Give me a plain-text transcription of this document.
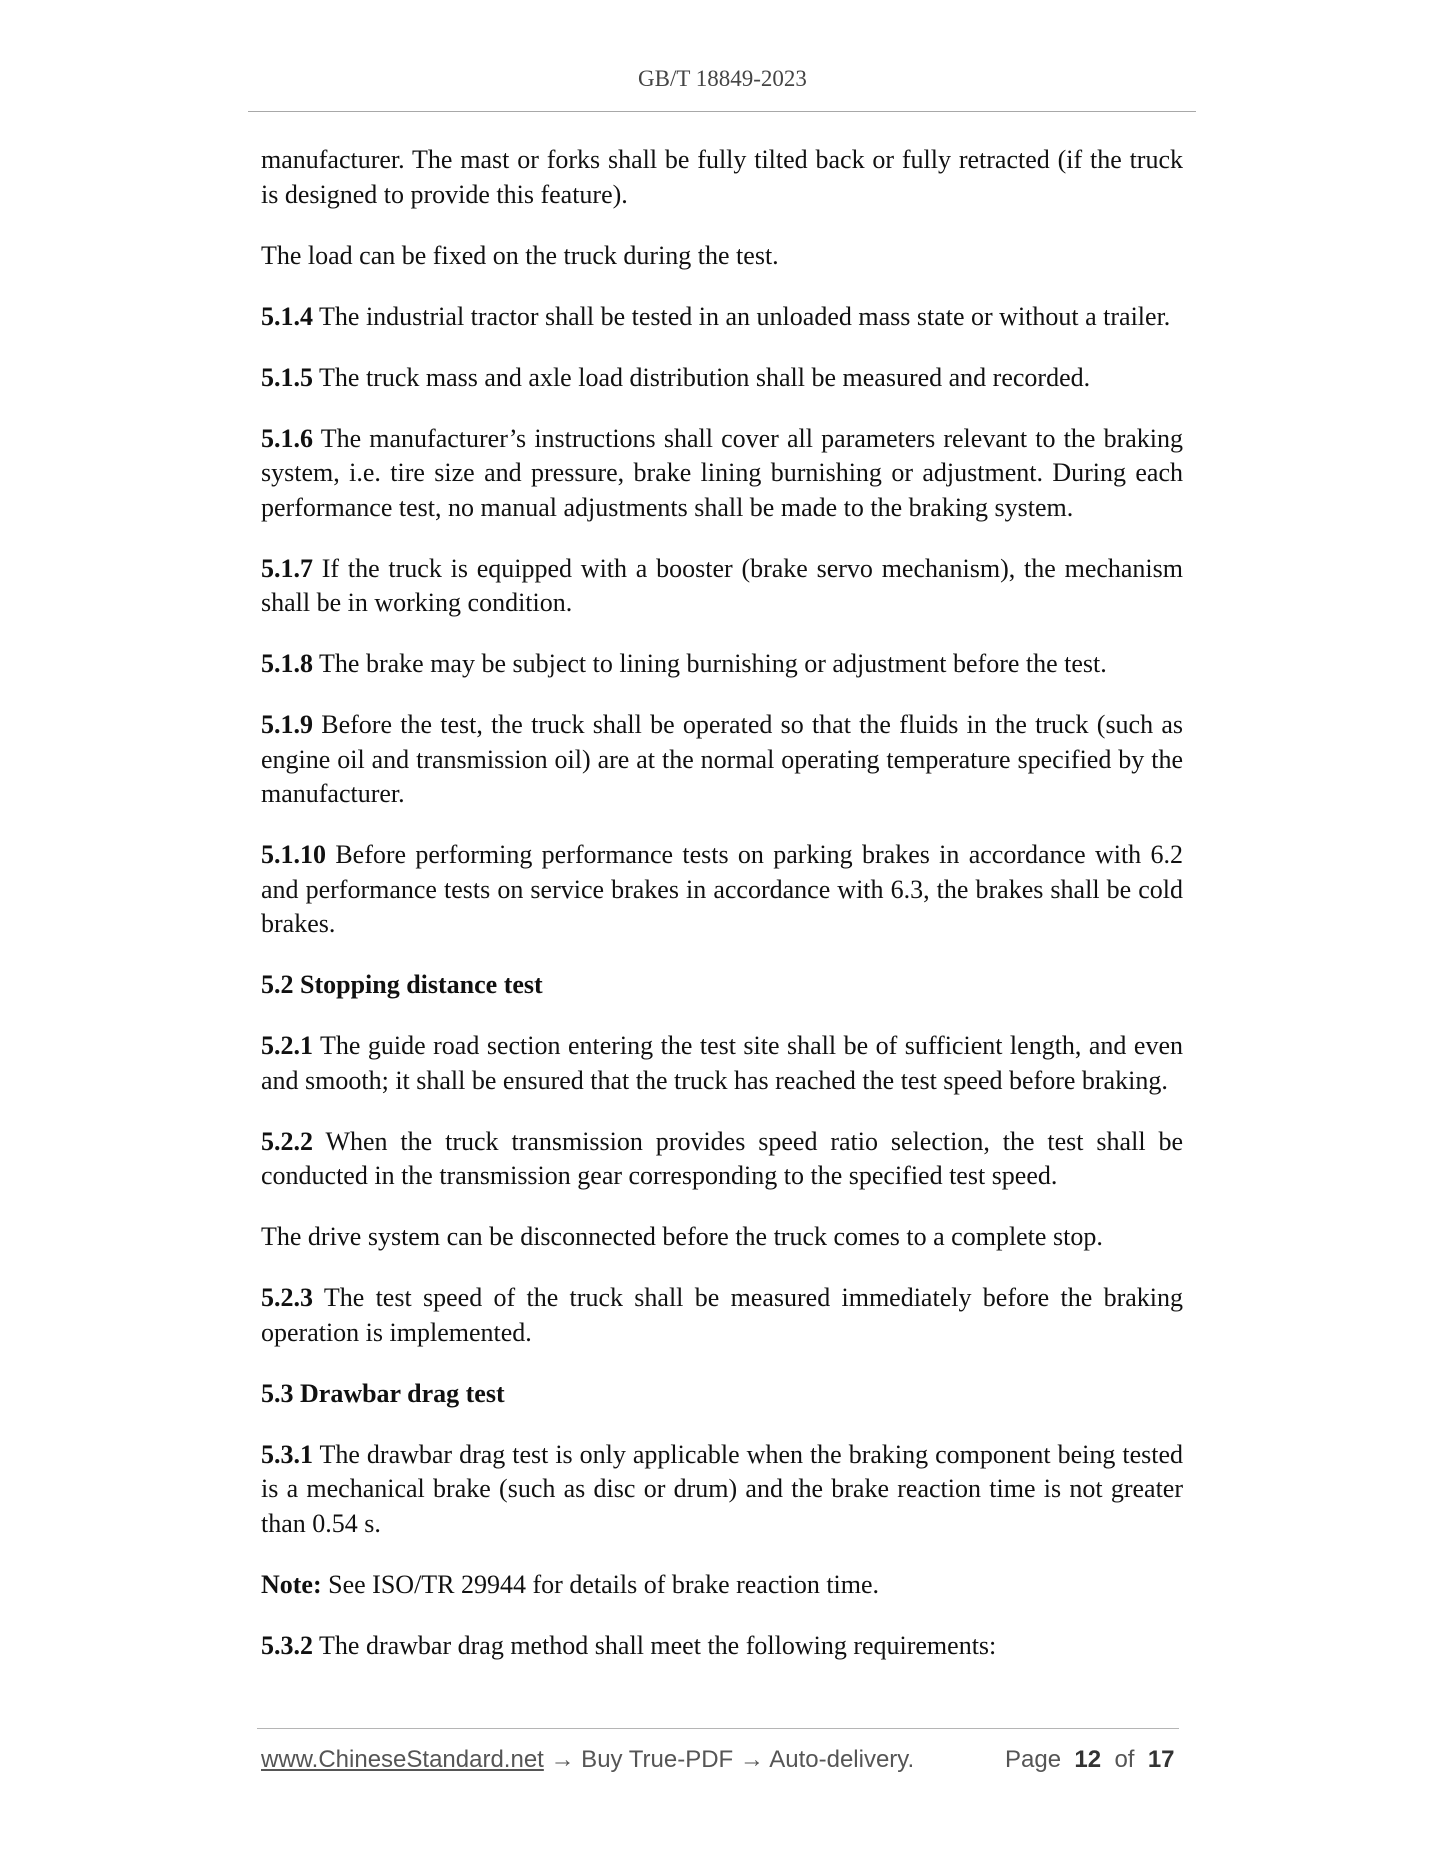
GB/T 18849-2023

manufacturer. The mast or forks shall be fully tilted back or fully retracted (if the truck is designed to provide this feature).

The load can be fixed on the truck during the test.

5.1.4 The industrial tractor shall be tested in an unloaded mass state or without a trailer.

5.1.5 The truck mass and axle load distribution shall be measured and recorded.

5.1.6 The manufacturer’s instructions shall cover all parameters relevant to the braking system, i.e. tire size and pressure, brake lining burnishing or adjustment. During each performance test, no manual adjustments shall be made to the braking system.

5.1.7 If the truck is equipped with a booster (brake servo mechanism), the mechanism shall be in working condition.

5.1.8 The brake may be subject to lining burnishing or adjustment before the test.

5.1.9 Before the test, the truck shall be operated so that the fluids in the truck (such as engine oil and transmission oil) are at the normal operating temperature specified by the manufacturer.

5.1.10 Before performing performance tests on parking brakes in accordance with 6.2 and performance tests on service brakes in accordance with 6.3, the brakes shall be cold brakes.

5.2 Stopping distance test

5.2.1 The guide road section entering the test site shall be of sufficient length, and even and smooth; it shall be ensured that the truck has reached the test speed before braking.

5.2.2 When the truck transmission provides speed ratio selection, the test shall be conducted in the transmission gear corresponding to the specified test speed.

The drive system can be disconnected before the truck comes to a complete stop.

5.2.3 The test speed of the truck shall be measured immediately before the braking operation is implemented.

5.3 Drawbar drag test

5.3.1 The drawbar drag test is only applicable when the braking component being tested is a mechanical brake (such as disc or drum) and the brake reaction time is not greater than 0.54 s.

Note: See ISO/TR 29944 for details of brake reaction time.

5.3.2 The drawbar drag method shall meet the following requirements:

www.ChineseStandard.net → Buy True-PDF → Auto-delivery.	Page 12 of 17
